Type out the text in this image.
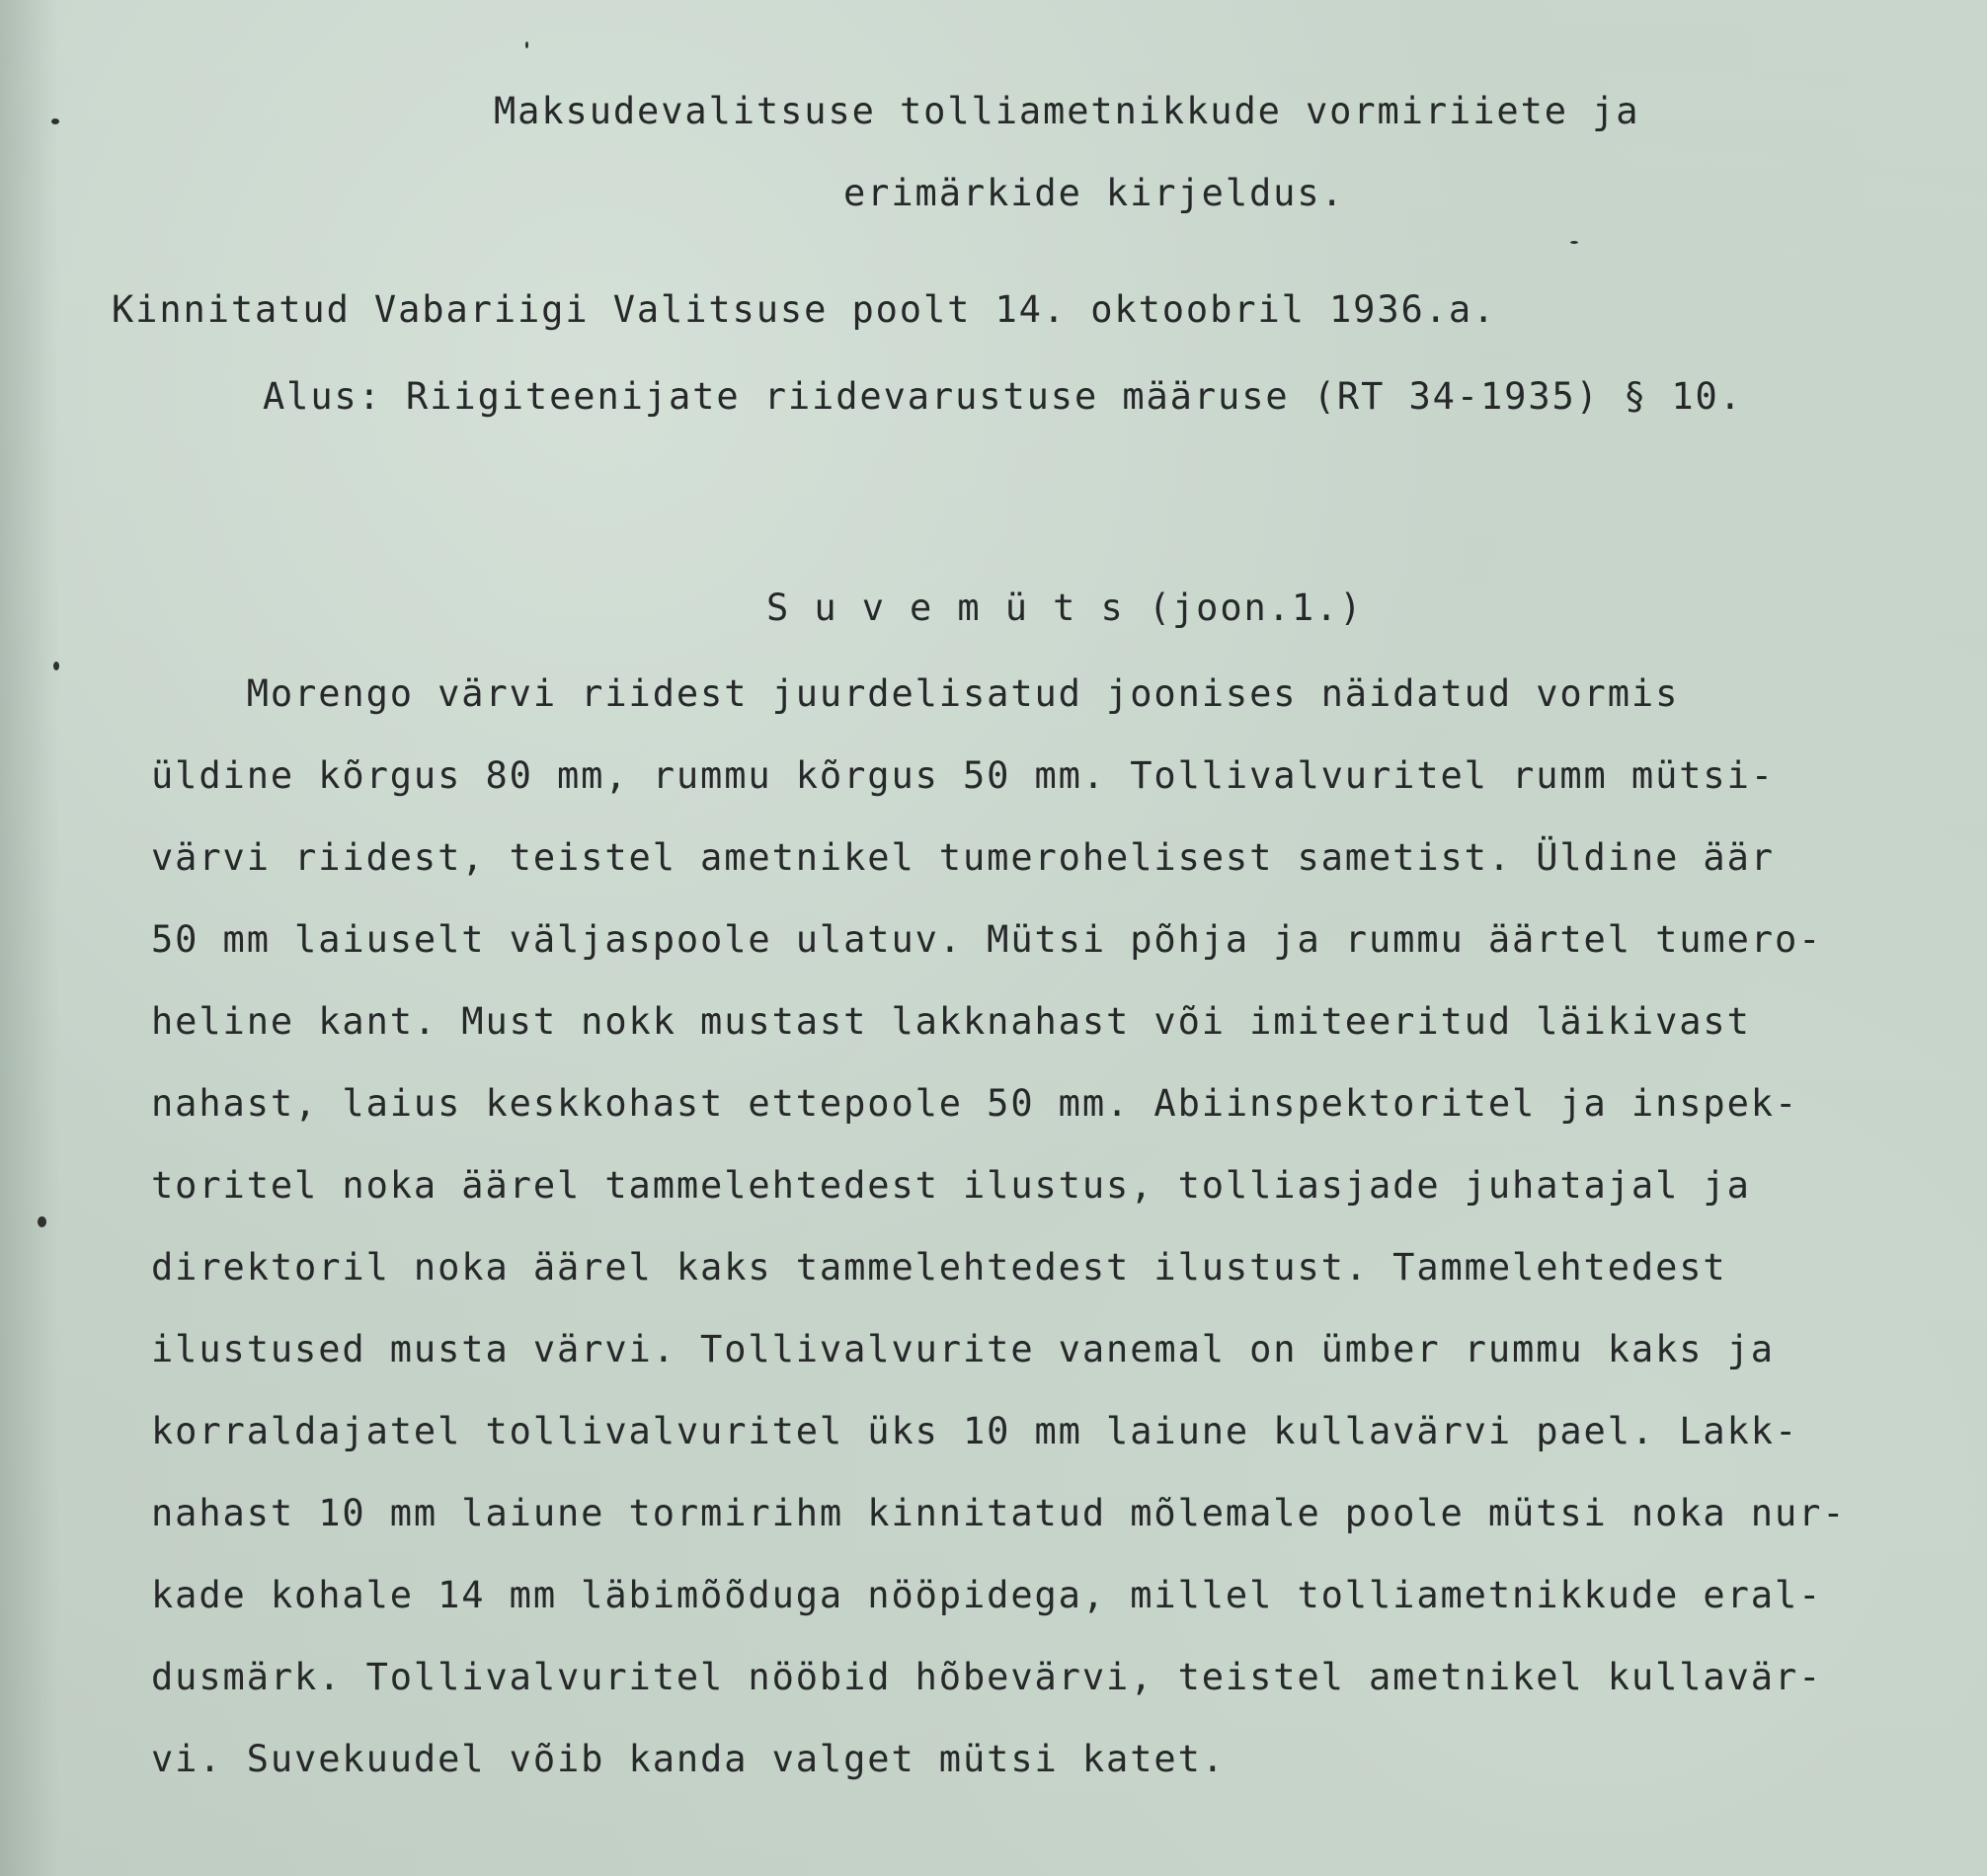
Maksudevalitsuse tolliametnikkude vormiriiete ja
erimärkide kirjeldus.
Kinnitatud Vabariigi Valitsuse poolt 14. oktoobril 1936.a.
Alus: Riigiteenijate riidevarustuse määruse (RT 34-1935) § 10.
S u v e m ü t s (joon.1.)
Morengo värvi riidest juurdelisatud joonises näidatud vormis
üldine kõrgus 80 mm, rummu kõrgus 50 mm. Tollivalvuritel rumm mütsi-
värvi riidest, teistel ametnikel tumerohelisest sametist. Üldine äär
50 mm laiuselt väljaspoole ulatuv. Mütsi põhja ja rummu äärtel tumero-
heline kant. Must nokk mustast lakknahast või imiteeritud läikivast
nahast, laius keskkohast ettepoole 50 mm. Abiinspektoritel ja inspek-
toritel noka äärel tammelehtedest ilustus, tolliasjade juhatajal ja
direktoril noka äärel kaks tammelehtedest ilustust. Tammelehtedest
ilustused musta värvi. Tollivalvurite vanemal on ümber rummu kaks ja
korraldajatel tollivalvuritel üks 10 mm laiune kullavärvi pael. Lakk-
nahast 10 mm laiune tormirihm kinnitatud mõlemale poole mütsi noka nur-
kade kohale 14 mm läbimõõduga nööpidega, millel tolliametnikkude eral-
dusmärk. Tollivalvuritel nööbid hõbevärvi, teistel ametnikel kullavär-
vi. Suvekuudel võib kanda valget mütsi katet.
